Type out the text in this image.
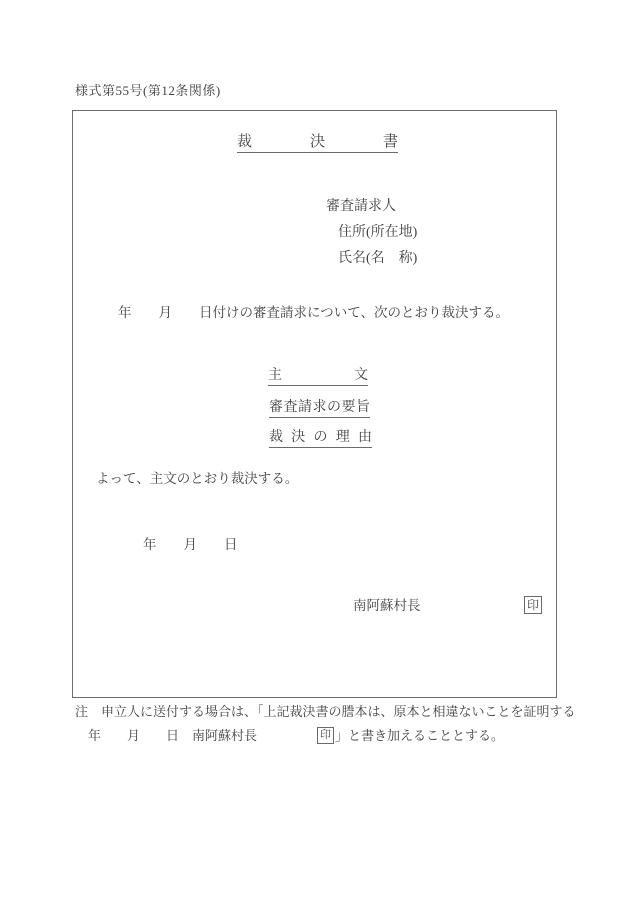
様式第55号(第12条関係)
裁決書
審査請求人
住所(所在地)
氏名(名　称)
年　　月　　日付けの審査請求について、次のとおり裁決する。
主文
審査請求の要旨
裁決の理由
よって、主文のとおり裁決する。
年　　月　　日
南阿蘇村長	印
注　申立人に送付する場合は、「上記裁決書の謄本は、原本と相違ないことを証明する
年　　月　　日　南阿蘇村長	印 」と書き加えることとする。
